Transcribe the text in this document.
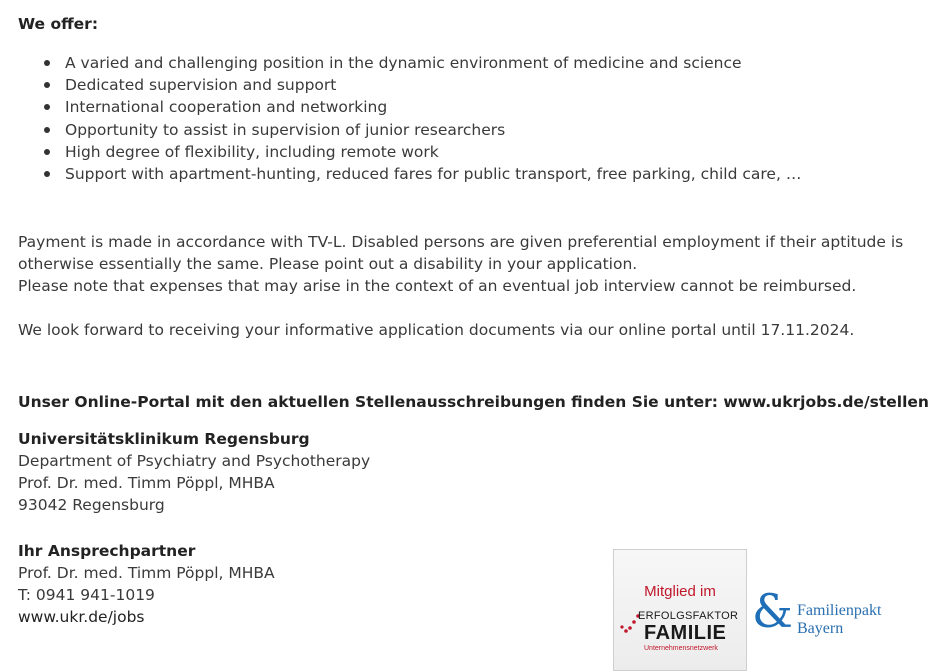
We offer:
A varied and challenging position in the dynamic environment of medicine and science
Dedicated supervision and support
International cooperation and networking
Opportunity to assist in supervision of junior researchers
High degree of flexibility, including remote work
Support with apartment-hunting, reduced fares for public transport, free parking, child care, …
Payment is made in accordance with TV-L. Disabled persons are given preferential employment if their aptitude is
otherwise essentially the same. Please point out a disability in your application.
Please note that expenses that may arise in the context of an eventual job interview cannot be reimbursed.
We look forward to receiving your informative application documents via our online portal until 17.11.2024.
Unser Online-Portal mit den aktuellen Stellenausschreibungen finden Sie unter: www.ukrjobs.de/stellen
Universitätsklinikum Regensburg
Department of Psychiatry and Psychotherapy
Prof. Dr. med. Timm Pöppl, MHBA
93042 Regensburg
Ihr Ansprechpartner
Prof. Dr. med. Timm Pöppl, MHBA
T: 0941 941-1019
www.ukr.de/jobs
Mitglied im
ERFOLGSFAKTOR
FAMILIE
Unternehmensnetzwerk
& Familienpakt
Bayern
